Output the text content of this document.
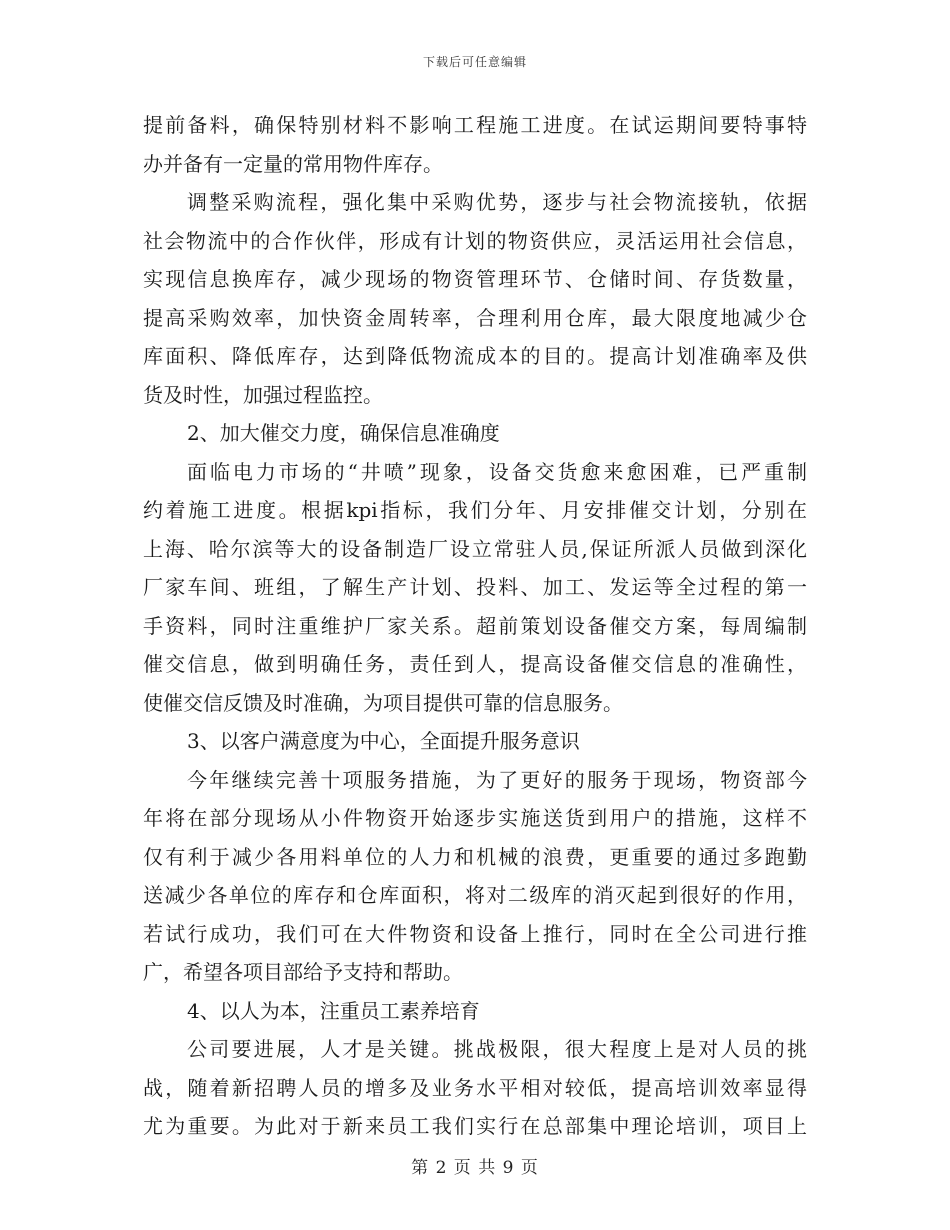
下载后可任意编辑
提前备料，确保特别材料不影响工程施工进度。在试运期间要特事特
办并备有一定量的常用物件库存。
调整采购流程，强化集中采购优势，逐步与社会物流接轨，依据
社会物流中的合作伙伴，形成有计划的物资供应，灵活运用社会信息，
实现信息换库存，减少现场的物资管理环节、仓储时间、存货数量，
提高采购效率，加快资金周转率，合理利用仓库，最大限度地减少仓
库面积、降低库存，达到降低物流成本的目的。提高计划准确率及供
货及时性，加强过程监控。
2、加大催交力度，确保信息准确度
面临电力市场的“井喷”现象，设备交货愈来愈困难，已严重制
约着施工进度。根据kpi指标，我们分年、月安排催交计划，分别在
上海、哈尔滨等大的设备制造厂设立常驻人员,保证所派人员做到深化
厂家车间、班组，了解生产计划、投料、加工、发运等全过程的第一
手资料，同时注重维护厂家关系。超前策划设备催交方案，每周编制
催交信息，做到明确任务，责任到人，提高设备催交信息的准确性，
使催交信反馈及时准确，为项目提供可靠的信息服务。
3、以客户满意度为中心，全面提升服务意识
今年继续完善十项服务措施，为了更好的服务于现场，物资部今
年将在部分现场从小件物资开始逐步实施送货到用户的措施，这样不
仅有利于减少各用料单位的人力和机械的浪费，更重要的通过多跑勤
送减少各单位的库存和仓库面积，将对二级库的消灭起到很好的作用，
若试行成功，我们可在大件物资和设备上推行，同时在全公司进行推
广，希望各项目部给予支持和帮助。
4、以人为本，注重员工素养培育
公司要进展，人才是关键。挑战极限，很大程度上是对人员的挑
战，随着新招聘人员的增多及业务水平相对较低，提高培训效率显得
尤为重要。为此对于新来员工我们实行在总部集中理论培训，项目上
第 2 页 共 9 页
